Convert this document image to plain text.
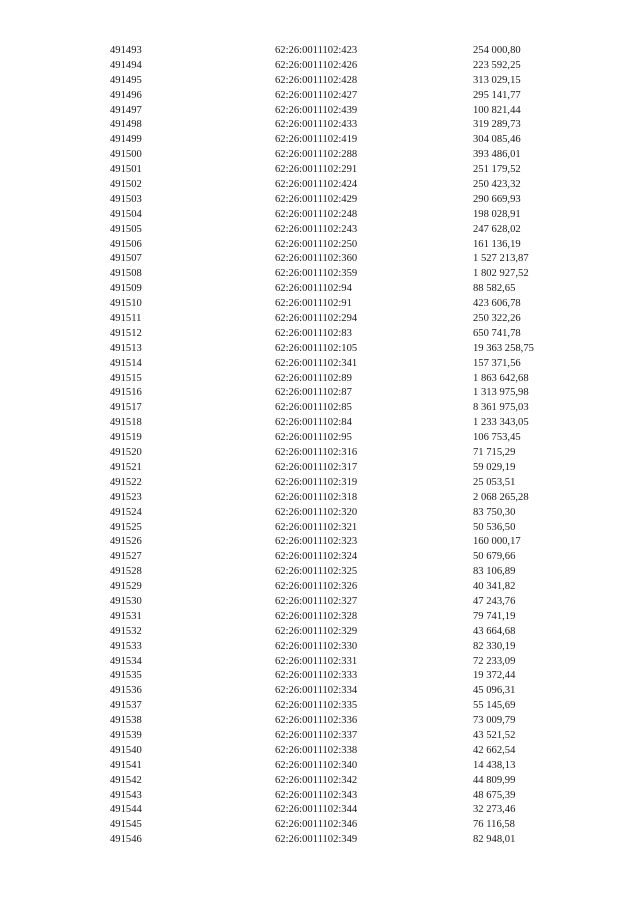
491493	62:26:0011102:423	254 000,80
491494	62:26:0011102:426	223 592,25
491495	62:26:0011102:428	313 029,15
491496	62:26:0011102:427	295 141,77
491497	62:26:0011102:439	100 821,44
491498	62:26:0011102:433	319 289,73
491499	62:26:0011102:419	304 085,46
491500	62:26:0011102:288	393 486,01
491501	62:26:0011102:291	251 179,52
491502	62:26:0011102:424	250 423,32
491503	62:26:0011102:429	290 669,93
491504	62:26:0011102:248	198 028,91
491505	62:26:0011102:243	247 628,02
491506	62:26:0011102:250	161 136,19
491507	62:26:0011102:360	1 527 213,87
491508	62:26:0011102:359	1 802 927,52
491509	62:26:0011102:94	88 582,65
491510	62:26:0011102:91	423 606,78
491511	62:26:0011102:294	250 322,26
491512	62:26:0011102:83	650 741,78
491513	62:26:0011102:105	19 363 258,75
491514	62:26:0011102:341	157 371,56
491515	62:26:0011102:89	1 863 642,68
491516	62:26:0011102:87	1 313 975,98
491517	62:26:0011102:85	8 361 975,03
491518	62:26:0011102:84	1 233 343,05
491519	62:26:0011102:95	106 753,45
491520	62:26:0011102:316	71 715,29
491521	62:26:0011102:317	59 029,19
491522	62:26:0011102:319	25 053,51
491523	62:26:0011102:318	2 068 265,28
491524	62:26:0011102:320	83 750,30
491525	62:26:0011102:321	50 536,50
491526	62:26:0011102:323	160 000,17
491527	62:26:0011102:324	50 679,66
491528	62:26:0011102:325	83 106,89
491529	62:26:0011102:326	40 341,82
491530	62:26:0011102:327	47 243,76
491531	62:26:0011102:328	79 741,19
491532	62:26:0011102:329	43 664,68
491533	62:26:0011102:330	82 330,19
491534	62:26:0011102:331	72 233,09
491535	62:26:0011102:333	19 372,44
491536	62:26:0011102:334	45 096,31
491537	62:26:0011102:335	55 145,69
491538	62:26:0011102:336	73 009,79
491539	62:26:0011102:337	43 521,52
491540	62:26:0011102:338	42 662,54
491541	62:26:0011102:340	14 438,13
491542	62:26:0011102:342	44 809,99
491543	62:26:0011102:343	48 675,39
491544	62:26:0011102:344	32 273,46
491545	62:26:0011102:346	76 116,58
491546	62:26:0011102:349	82 948,01
